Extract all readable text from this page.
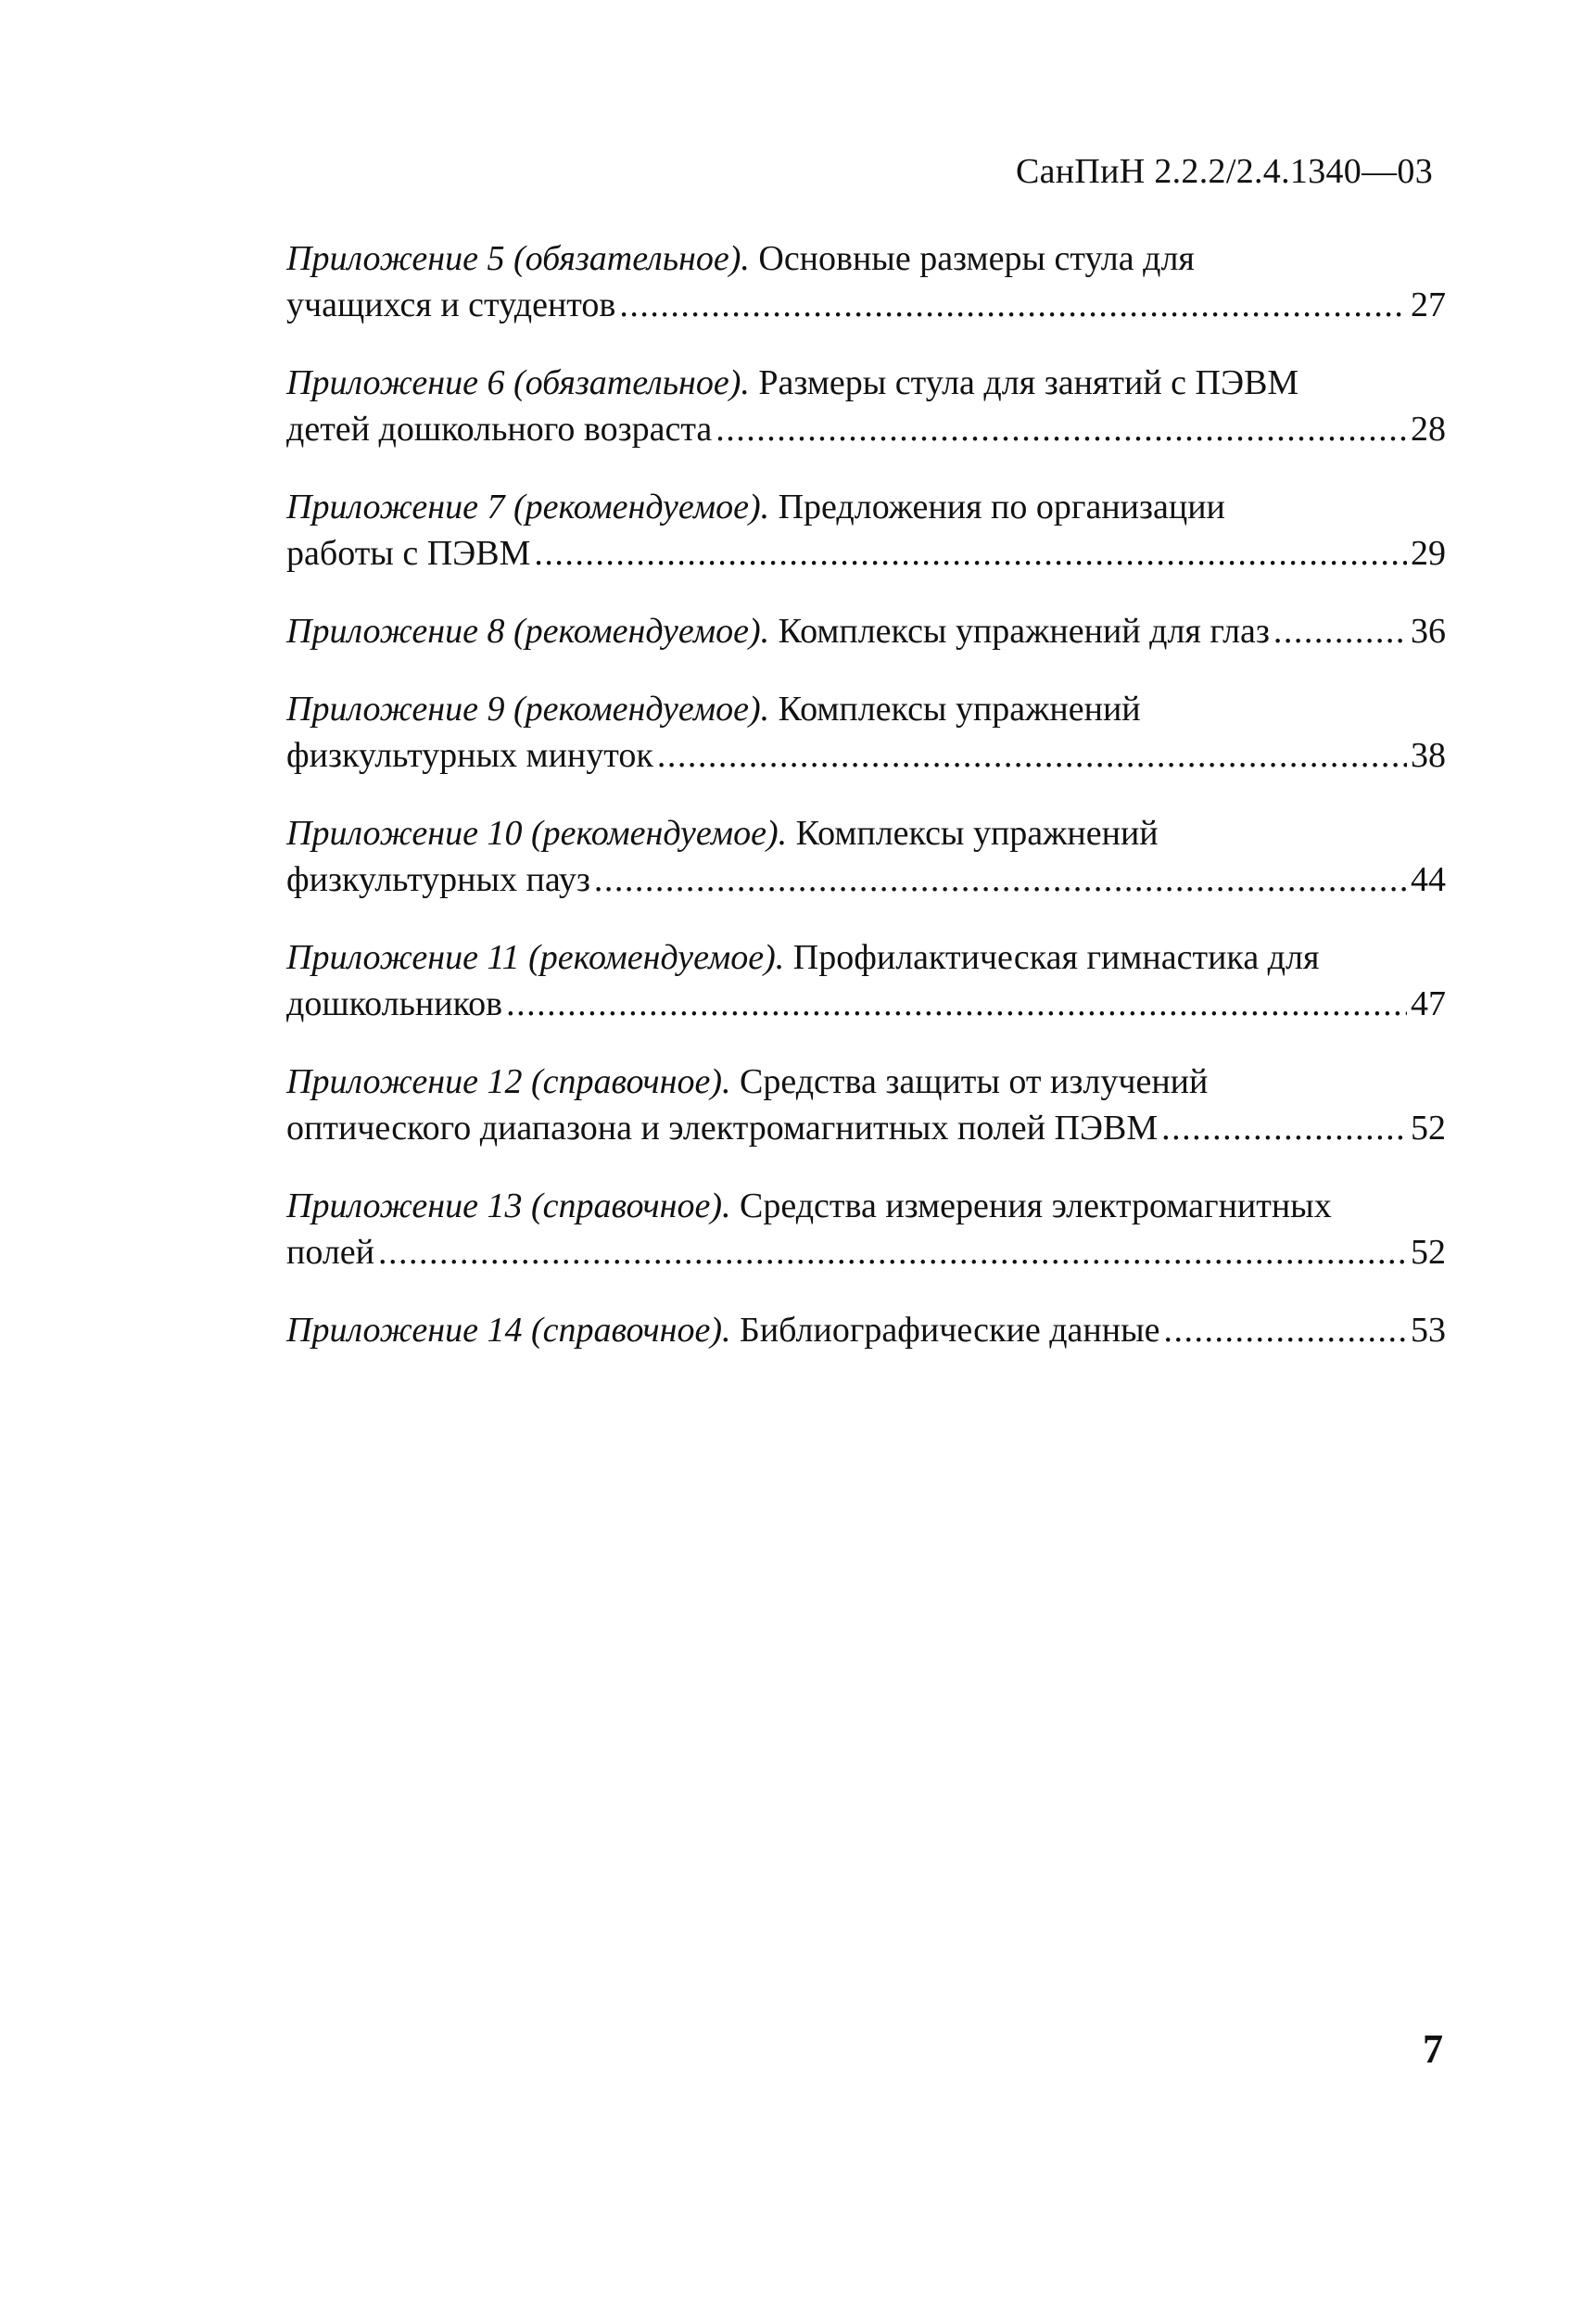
СанПиН 2.2.2/2.4.1340—03
Приложение 5 (обязательное). Основные размеры стула для
учащихся и студентов . . .	27
Приложение 6 (обязательное). Размеры стула для занятий с ПЭВМ
детей дошкольного возраста . . .	28
Приложение 7 (рекомендуемое). Предложения по организации
работы с ПЭВМ . . .	29
Приложение 8 (рекомендуемое). Комплексы упражнений для глаз . . .	36
Приложение 9 (рекомендуемое). Комплексы упражнений
физкультурных минуток . . .	38
Приложение 10 (рекомендуемое). Комплексы упражнений
физкультурных пауз . . .	44
Приложение 11 (рекомендуемое). Профилактическая гимнастика для
дошкольников . . .	47
Приложение 12 (справочное). Средства защиты от излучений
оптического диапазона и электромагнитных полей ПЭВМ . . .	52
Приложение 13 (справочное). Средства измерения электромагнитных
полей . . .	52
Приложение 14 (справочное). Библиографические данные . . .	53
7
